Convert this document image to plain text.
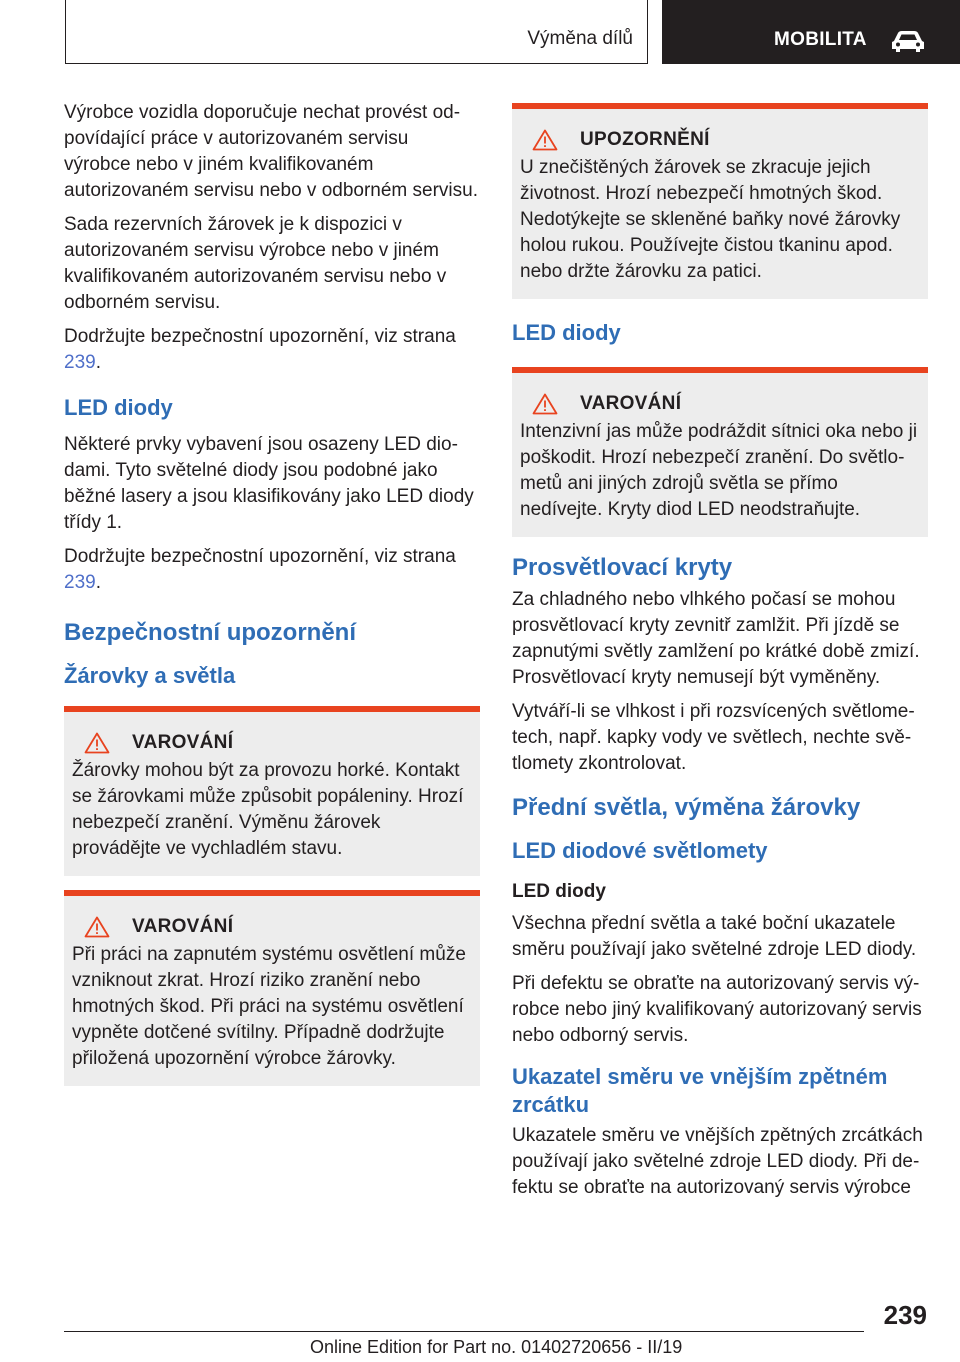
Výměna dílů	MOBILITA

Výrobce vozidla doporučuje nechat provést odpovídající práce v autorizovaném servisu výrobce nebo v jiném kvalifikovaném autorizovaném servisu nebo v odborném servisu.

Sada rezervních žárovek je k dispozici v autorizovaném servisu výrobce nebo v jiném kvalifikovaném autorizovaném servisu nebo v odborném servisu.

Dodržujte bezpečnostní upozornění, viz strana 239.

LED diody

Některé prvky vybavení jsou osazeny LED diodami. Tyto světelné diody jsou podobné jako běžné lasery a jsou klasifikovány jako LED diody třídy 1.

Dodržujte bezpečnostní upozornění, viz strana 239.

Bezpečnostní upozornění
Žárovky a světla
VAROVÁNÍ

Žárovky mohou být za provozu horké. Kontakt se žárovkami může způsobit popáleniny. Hrozí nebezpečí zranění. Výměnu žárovek provádějte ve vychladlém stavu.

VAROVÁNÍ

Při práci na zapnutém systému osvětlení může vzniknout zkrat. Hrozí riziko zranění nebo hmotných škod. Při práci na systému osvětlení vypněte dotčené svítilny. Případně dodržujte přiložená upozornění výrobce žárovky.

UPOZORNĚNÍ

U znečištěných žárovek se zkracuje jejich životnost. Hrozí nebezpečí hmotných škod. Nedotýkejte se skleněné baňky nové žárovky holou rukou. Používejte čistou tkaninu apod. nebo držte žárovku za patici.

LED diody
VAROVÁNÍ

Intenzivní jas může podráždit sítnici oka nebo ji poškodit. Hrozí nebezpečí zranění. Do světlometů ani jiných zdrojů světla se přímo nedívejte. Kryty diod LED neodstraňujte.

Prosvětlovací kryty

Za chladného nebo vlhkého počasí se mohou prosvětlovací kryty zevnitř zamlžit. Při jízdě se zapnutými světly zamlžení po krátké době zmizí. Prosvětlovací kryty nemusejí být vyměněny.

Vytváří-li se vlhkost i při rozsvícených světlometech, např. kapky vody ve světlech, nechte světlomety zkontrolovat.

Přední světla, výměna žárovky
LED diodové světlomety
LED diody

Všechna přední světla a také boční ukazatele směru používají jako světelné zdroje LED diody.

Při defektu se obraťte na autorizovaný servis výrobce nebo jiný kvalifikovaný autorizovaný servis nebo odborný servis.

Ukazatel směru ve vnějším zpětném zrcátku

Ukazatele směru ve vnějších zpětných zrcátkách používají jako světelné zdroje LED diody. Při defektu se obraťte na autorizovaný servis výrobce

239
Online Edition for Part no. 01402720656 - II/19
